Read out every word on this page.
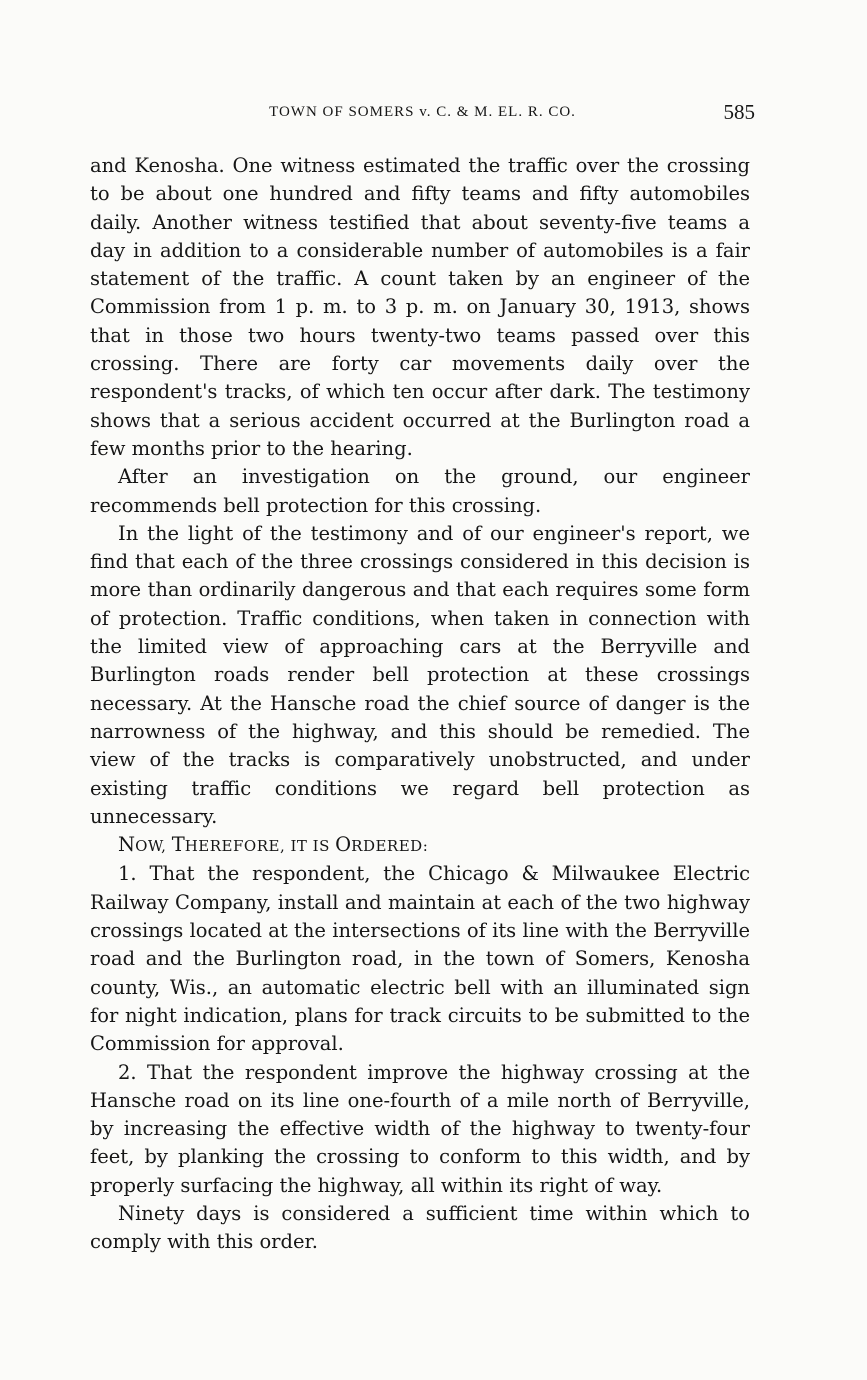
TOWN OF SOMERS v. C. & M. EL. R. CO.	585

and Kenosha. One witness estimated the traffic over the crossing to be about one hundred and fifty teams and fifty automobiles daily. Another witness testified that about seventy-five teams a day in addition to a considerable number of automobiles is a fair statement of the traffic. A count taken by an engineer of the Commission from 1 p. m. to 3 p. m. on January 30, 1913, shows that in those two hours twenty-two teams passed over this crossing. There are forty car movements daily over the respondent's tracks, of which ten occur after dark. The testimony shows that a serious accident occurred at the Burlington road a few months prior to the hearing.

After an investigation on the ground, our engineer recommends bell protection for this crossing.

In the light of the testimony and of our engineer's report, we find that each of the three crossings considered in this decision is more than ordinarily dangerous and that each requires some form of protection. Traffic conditions, when taken in connection with the limited view of approaching cars at the Berryville and Burlington roads render bell protection at these crossings necessary. At the Hansche road the chief source of danger is the narrowness of the highway, and this should be remedied. The view of the tracks is comparatively unobstructed, and under existing traffic conditions we regard bell protection as unnecessary.

NOW, THEREFORE, IT IS ORDERED:

1. That the respondent, the Chicago & Milwaukee Electric Railway Company, install and maintain at each of the two highway crossings located at the intersections of its line with the Berryville road and the Burlington road, in the town of Somers, Kenosha county, Wis., an automatic electric bell with an illuminated sign for night indication, plans for track circuits to be submitted to the Commission for approval.

2. That the respondent improve the highway crossing at the Hansche road on its line one-fourth of a mile north of Berryville, by increasing the effective width of the highway to twenty-four feet, by planking the crossing to conform to this width, and by properly surfacing the highway, all within its right of way.

Ninety days is considered a sufficient time within which to comply with this order.
